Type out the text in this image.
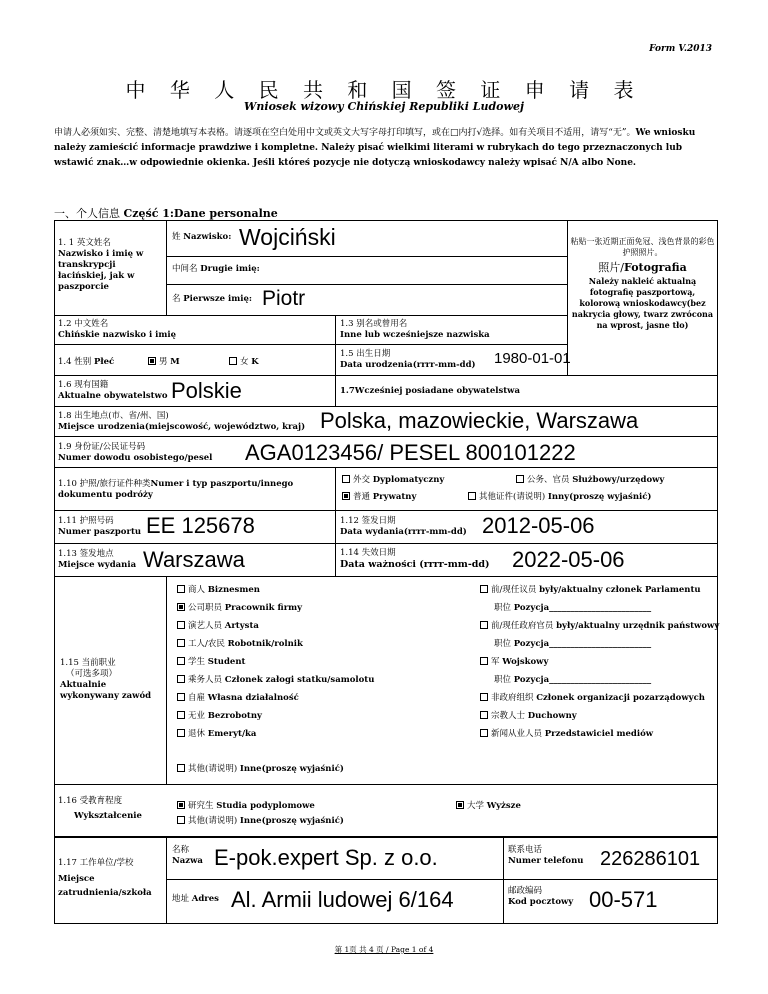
Form V.2013
中 华 人 民 共 和 国 签 证 申 请 表
Wniosek wizowy Chińskiej Republiki Ludowej
申请人必须如实、完整、清楚地填写本表格。请逐项在空白处用中文或英文大写字母打印填写，或在□内打√选择。如有关项目不适用，请写“无”。We wniosku należy zamieścić informacje prawdziwe i kompletne. Należy pisać wielkimi literami w rubrykach do tego przeznaczonych lub wstawić znak…w odpowiednie okienka. Jeśli któreś pozycje nie dotyczą wnioskodawcy należy wpisać N/A albo None.
一、个人信息 Część 1:Dane personalne
1. 1 英文姓名
Nazwisko i imię w transkrypcji łacińskiej, jak w paszporcie
姓 Nazwisko: Wojciński
中间名 Drugie imię:
名 Pierwsze imię: Piotr
粘贴一张近期正面免冠、浅色背景的彩色护照照片。
照片/Fotografia
Należy nakleić aktualną fotografię paszportową, kolorową wnioskodawcy(bez nakrycia głowy, twarz zwrócona na wprost, jasne tło)
1.2 中文姓名
Chińskie nazwisko i imię
1.3 别名或曾用名
Inne lub wcześniejsze nazwiska
1.4 性别 Płeć	男 M	女 K
1.5 出生日期
Data urodzenia(rrrr-mm-dd) 1980-01-01
1.6 现有国籍
Aktualne obywatelstwo Polskie	1.7Wcześniej posiadane obywatelstwa
1.8 出生地点(市、省/州、国)
Miejsce urodzenia(miejscowość, województwo, kraj) Polska, mazowieckie, Warszawa
1.9 身份证/公民证号码
Numer dowodu osobistego/pesel AGA0123456/ PESEL 800101222
1.10 护照/旅行证件种类Numer i typ paszportu/innego dokumentu podróży
外交 Dyplomatyczny	公务、官员 Służbowy/urzędowy
普通 Prywatny	其他证件(请说明) Inny(proszę wyjaśnić)
1.11 护照号码
Numer paszportu EE 125678	1.12 签发日期
Data wydania(rrrr-mm-dd) 2012-05-06
1.13 签发地点
Miejsce wydania Warszawa	1.14 失效日期
Data ważności (rrrr-mm-dd) 2022-05-06
1.15 当前职业
（可选多项）
Aktualnie wykonywany zawód
商人 Biznesmen
公司职员 Pracownik firmy
演艺人员 Artysta
工人/农民 Robotnik/rolnik
学生 Student
乘务人员 Członek załogi statku/samolotu
自雇 Własna działalność
无业 Bezrobotny
退休 Emeryt/ka
前/现任议员 były/aktualny członek Parlamentu
职位 Pozycja________________________
前/现任政府官员 były/aktualny urzędnik państwowy
职位 Pozycja________________________
军 Wojskowy
职位 Pozycja________________________
非政府组织 Członek organizacji pozarządowych
宗教人士 Duchowny
新闻从业人员 Przedstawiciel mediów
其他(请说明) Inne(proszę wyjaśnić)
1.16 受教育程度
Wykształcenie
研究生 Studia podyplomowe	大学 Wyższe
其他(请说明) Inne(proszę wyjaśnić)
1.17 工作单位/学校
Miejsce zatrudnienia/szkoła
名称
Nazwa E-pok.expert Sp. z o.o.	联系电话
Numer telefonu 226286101
地址 Adres Al. Armii ludowej 6/164	邮政编码
Kod pocztowy 00-571
第 1页 共 4 页 / Page 1 of 4
